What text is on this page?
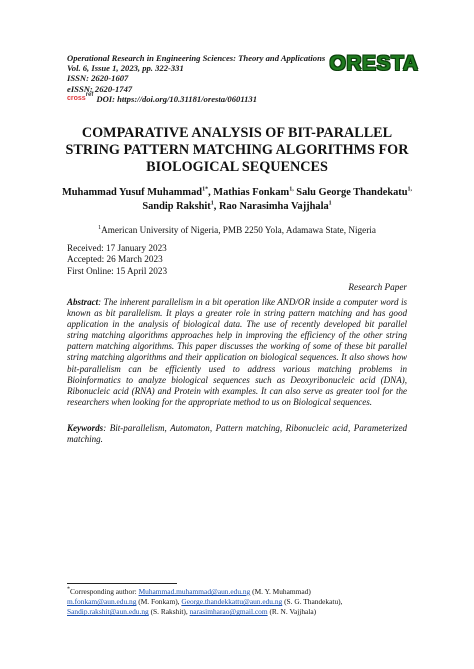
Operational Research in Engineering Sciences: Theory and Applications
Vol. 6, Issue 1, 2023, pp. 322-331
ISSN: 2620-1607
eISSN: 2620-1747
cross ref DOI: https://doi.org/10.31181/oresta/0601131
ORESTA
COMPARATIVE ANALYSIS OF BIT-PARALLEL STRING PATTERN MATCHING ALGORITHMS FOR BIOLOGICAL SEQUENCES
Muhammad Yusuf Muhammad$^{1*}$, Mathias Fonkam$^{1,}$ Salu George Thandekatu$^{1,}$ Sandip Rakshit$^1$, Rao Narasimha Vajjhala$^1$
$^1$American University of Nigeria, PMB 2250 Yola, Adamawa State, Nigeria
Received: 17 January 2023
Accepted: 26 March 2023
First Online: 15 April 2023
Research Paper
Abstract: The inherent parallelism in a bit operation like AND/OR inside a computer word is known as bit parallelism. It plays a greater role in string pattern matching and has good application in the analysis of biological data. The use of recently developed bit parallel string matching algorithms approaches help in improving the efficiency of the other string pattern matching algorithms. This paper discusses the working of some of these bit parallel string matching algorithms and their application on biological sequences. It also shows how bit-parallelism can be efficiently used to address various matching problems in Bioinformatics to analyze biological sequences such as Deoxyribonucleic acid (DNA), Ribonucleic acid (RNA) and Protein with examples. It can also serve as greater tool for the researchers when looking for the appropriate method to us on Biological sequences.
Keywords: Bit-parallelism, Automaton, Pattern matching, Ribonucleic acid, Parameterized matching.
*Corresponding author: Muhammad.muhammad@aun.edu.ng (M. Y. Muhammad)
m.fonkam@aun.edu.ng (M. Fonkam), George.thandekkattu@aun.edu.ng (S. G. Thandekatu),
Sandip.rakshit@aun.edu.ng (S. Rakshit), narasimharao@gmail.com (R. N. Vajjhala)
